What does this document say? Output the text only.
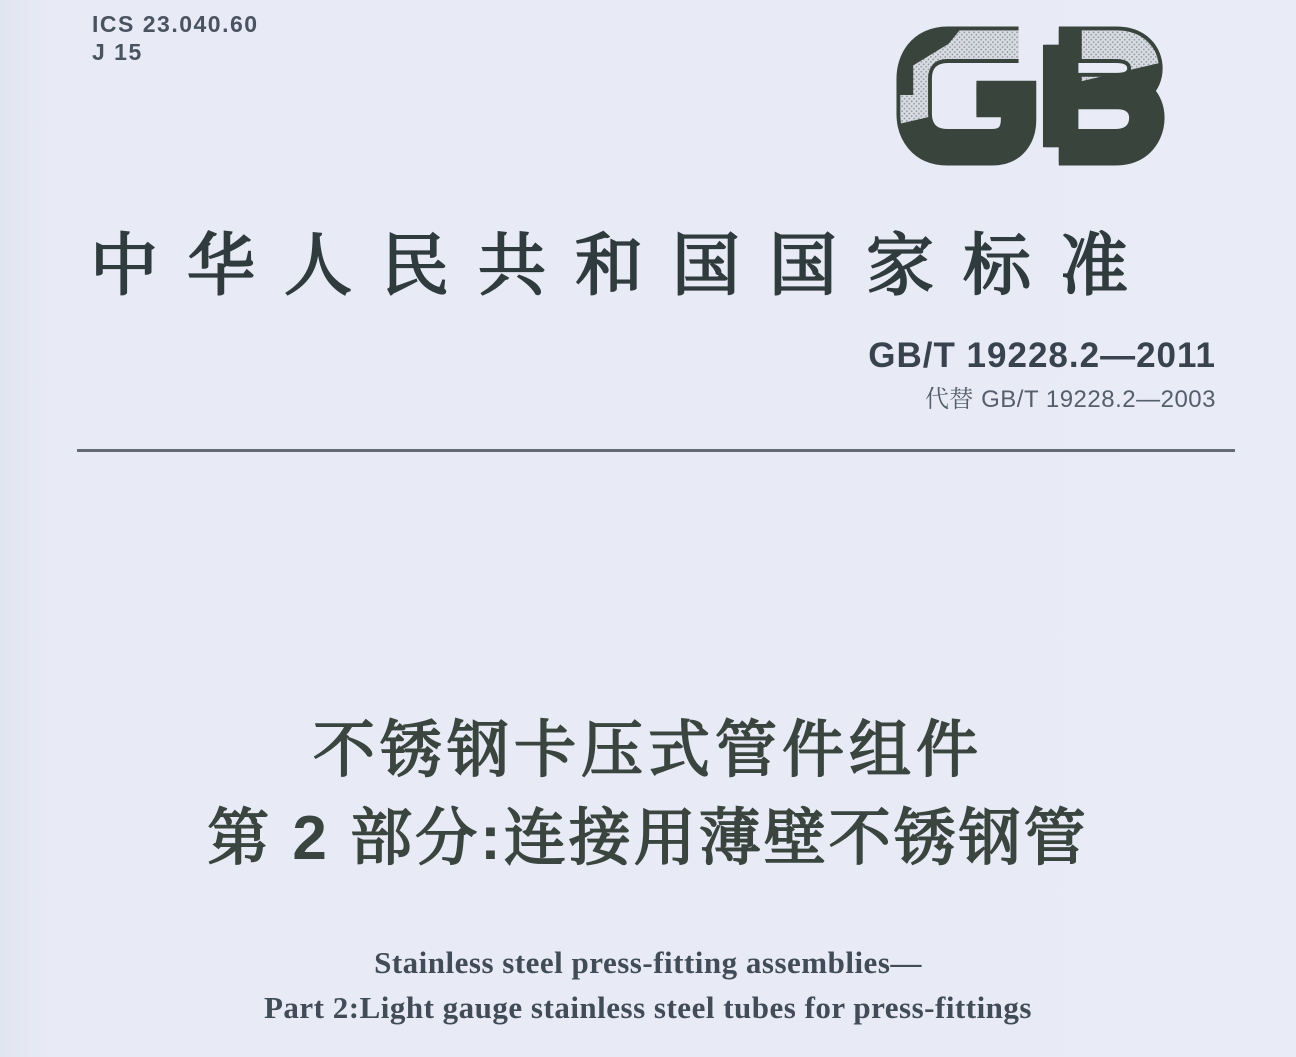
ICS 23.040.60
J 15
中华人民共和国国家标准
GB/T 19228.2—2011
代替 GB/T 19228.2—2003
不锈钢卡压式管件组件
第 2 部分:连接用薄壁不锈钢管
Stainless steel press-fitting assemblies—
Part 2:Light gauge stainless steel tubes for press-fittings
